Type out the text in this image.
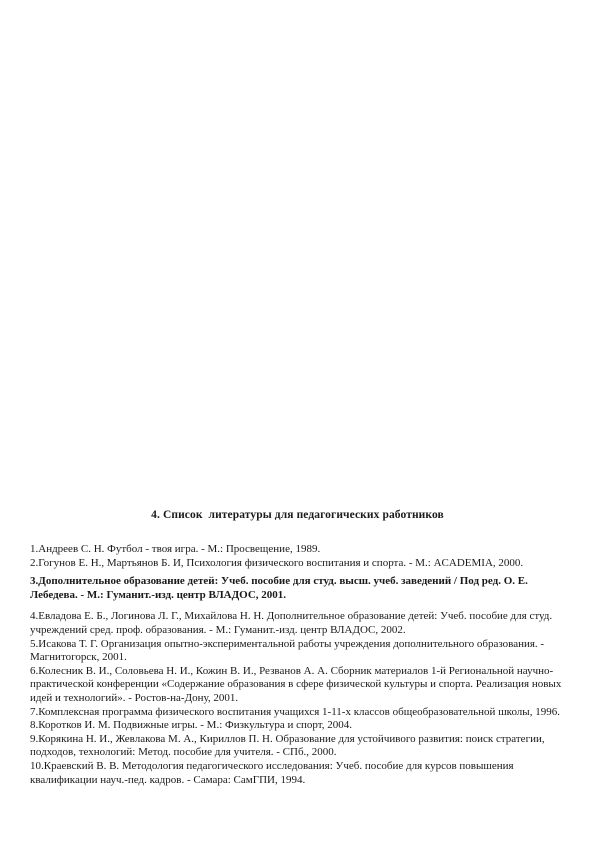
4. Список  литературы для педагогических работников

1.Андреев С. Н. Футбол - твоя игра. - М.: Просвещение, 1989.

2.Гогунов Е. Н., Мартьянов Б. И, Психология физического воспитания и спорта. - М.: ACADEMIA, 2000.

3.Дополнительное образование детей: Учеб. пособие для студ. высш. учеб. заведений / Под ред. О. Е. Лебедева. - М.: Гуманит.-изд. центр ВЛАДОС, 2001.

4.Евладова Е. Б., Логинова Л. Г., Михайлова Н. Н. Дополнительное образование детей: Учеб. пособие для студ. учреждений сред. проф. образования. - М.: Гуманит.-изд. центр ВЛАДОС, 2002.

5.Исакова Т. Г. Организация опытно-экспериментальной работы учреждения дополнительного образования. - Магнитогорск, 2001.

6.Колесник В. И., Соловьева Н. И., Кожин В. И., Резванов А. А. Сборник материалов 1-й Региональной научно-практической конференции «Содержание образования в сфере физической культуры и спорта. Реализация новых идей и технологий». - Ростов-на-Дону, 2001.

7.Комплексная программа физического воспитания учащихся 1-11-х классов общеобразовательной школы, 1996.

8.Коротков И. М. Подвижные игры. - М.: Физкультура и спорт, 2004.

9.Корякина Н. И., Жевлакова М. А., Кириллов П. Н. Образование для устойчивого развития: поиск стратегии, подходов, технологий: Метод. пособие для учителя. - СПб., 2000.

10.Краевский В. В. Методология педагогического исследования: Учеб. пособие для курсов повышения квалификации науч.-пед. кадров. - Самара: СамГПИ, 1994.
